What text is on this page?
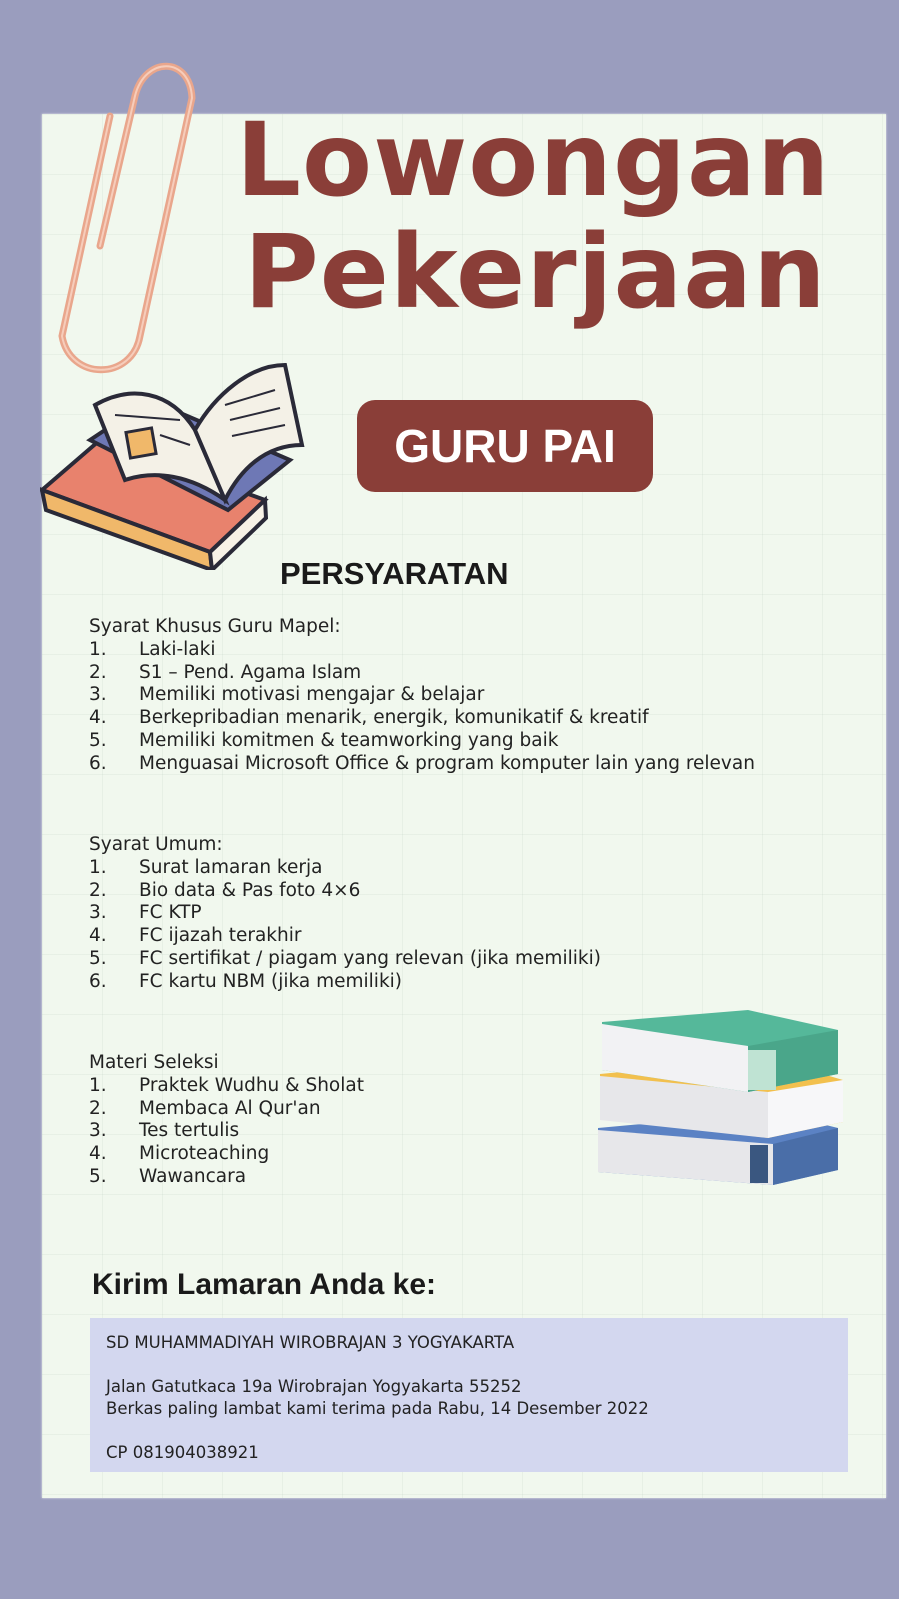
Lowongan
Pekerjaan
GURU PAI
PERSYARATAN

Syarat Khusus Guru Mapel:

1.	Laki-laki
2.	S1 – Pend. Agama Islam
3.	Memiliki motivasi mengajar & belajar
4.	Berkepribadian menarik, energik, komunikatif & kreatif
5.	Memiliki komitmen & teamworking yang baik
6.	Menguasai Microsoft Office & program komputer lain yang relevan

Syarat Umum:

1.	Surat lamaran kerja
2.	Bio data & Pas foto 4×6
3.	FC KTP
4.	FC ijazah terakhir
5.	FC sertifikat / piagam yang relevan (jika memiliki)
6.	FC kartu NBM (jika memiliki)

Materi Seleksi

1.	Praktek Wudhu & Sholat
2.	Membaca Al Qur'an
3.	Tes tertulis
4.	Microteaching
5.	Wawancara
Kirim Lamaran Anda ke:

SD MUHAMMADIYAH WIROBRAJAN 3 YOGYAKARTA

Jalan Gatutkaca 19a Wirobrajan Yogyakarta 55252

Berkas paling lambat kami terima pada Rabu, 14 Desember 2022

CP 081904038921
